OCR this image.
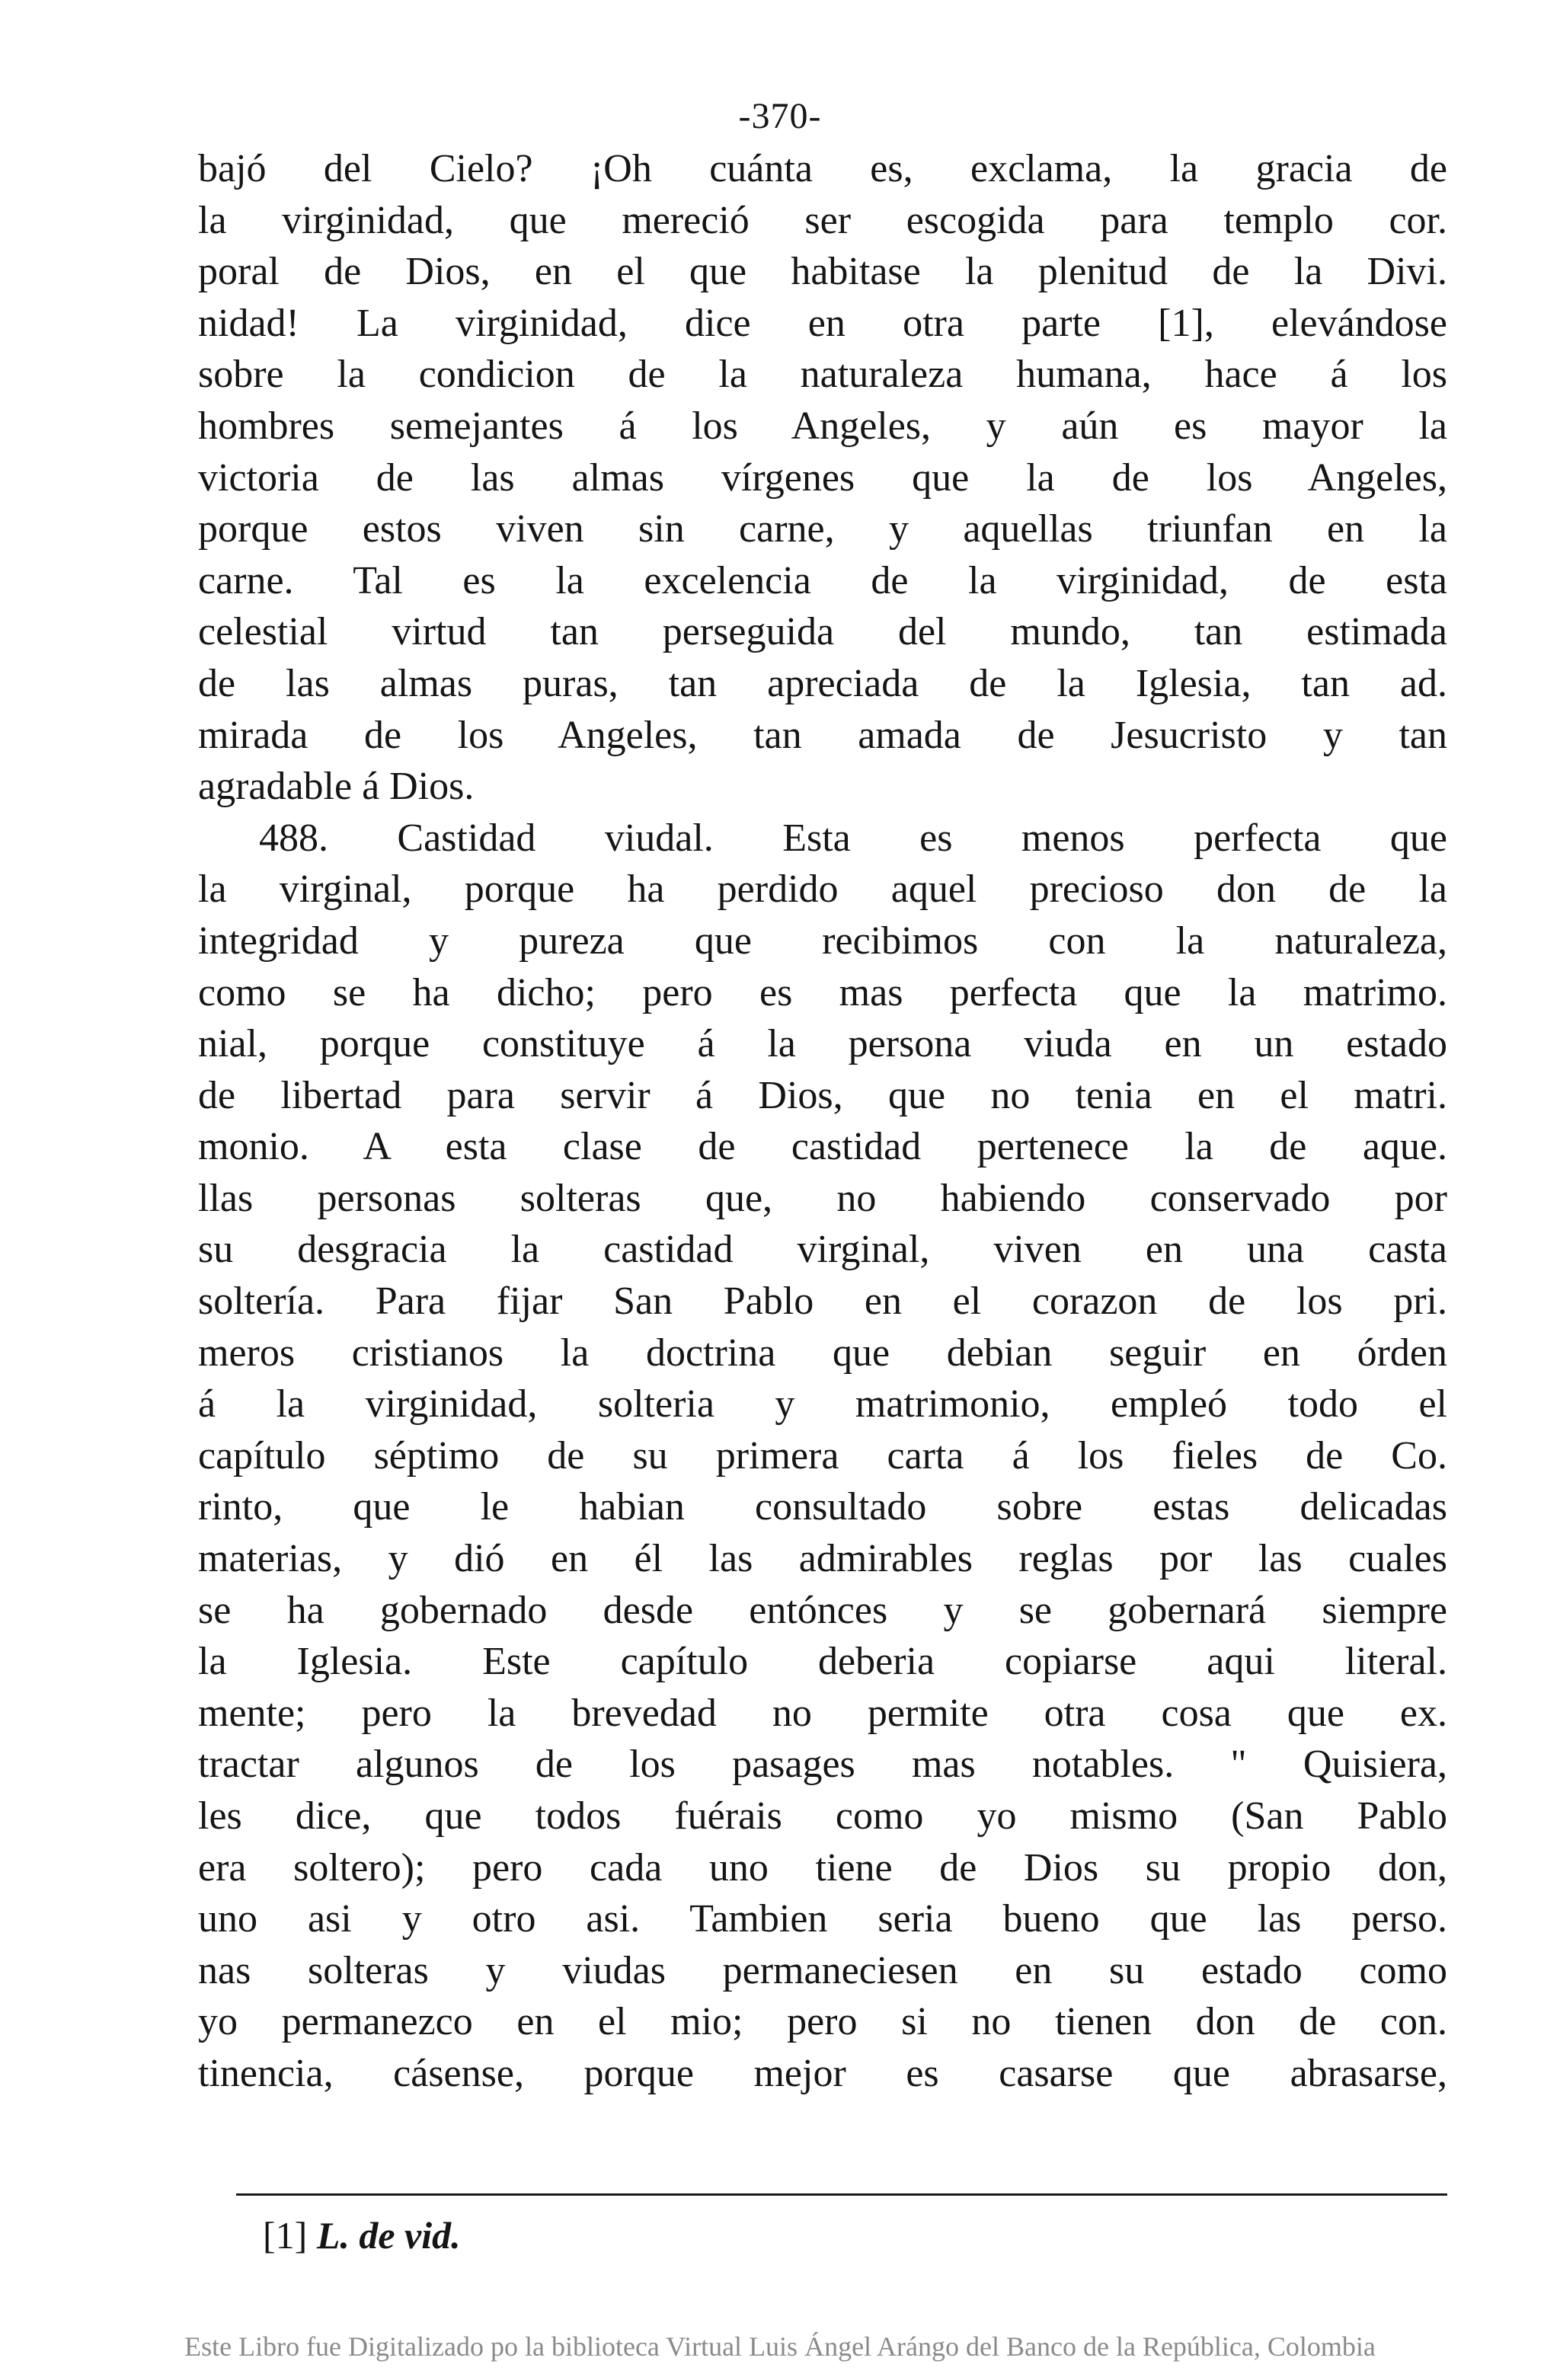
-370-
bajó del Cielo? ¡Oh cuánta es, exclama, la gracia de
la virginidad, que mereció ser escogida para templo cor.
poral de Dios, en el que habitase la plenitud de la Divi.
nidad! La virginidad, dice en otra parte [1], elevándose
sobre la condicion de la naturaleza humana, hace á los
hombres semejantes á los Angeles, y aún es mayor la
victoria de las almas vírgenes que la de los Angeles,
porque estos viven sin carne, y aquellas triunfan en la
carne. Tal es la excelencia de la virginidad, de esta
celestial virtud tan perseguida del mundo, tan estimada
de las almas puras, tan apreciada de la Iglesia, tan ad.
mirada de los Angeles, tan amada de Jesucristo y tan
agradable á Dios.
488. Castidad viudal. Esta es menos perfecta que
la virginal, porque ha perdido aquel precioso don de la
integridad y pureza que recibimos con la naturaleza,
como se ha dicho; pero es mas perfecta que la matrimo.
nial, porque constituye á la persona viuda en un estado
de libertad para servir á Dios, que no tenia en el matri.
monio. A esta clase de castidad pertenece la de aque.
llas personas solteras que, no habiendo conservado por
su desgracia la castidad virginal, viven en una casta
soltería. Para fijar San Pablo en el corazon de los pri.
meros cristianos la doctrina que debian seguir en órden
á la virginidad, solteria y matrimonio, empleó todo el
capítulo séptimo de su primera carta á los fieles de Co.
rinto, que le habian consultado sobre estas delicadas
materias, y dió en él las admirables reglas por las cuales
se ha gobernado desde entónces y se gobernará siempre
la Iglesia. Este capítulo deberia copiarse aqui literal.
mente; pero la brevedad no permite otra cosa que ex.
tractar algunos de los pasages mas notables. " Quisiera,
les dice, que todos fuérais como yo mismo (San Pablo
era soltero); pero cada uno tiene de Dios su propio don,
uno asi y otro asi. Tambien seria bueno que las perso.
nas solteras y viudas permaneciesen en su estado como
yo permanezco en el mio; pero si no tienen don de con.
tinencia, cásense, porque mejor es casarse que abrasarse,
[1] L. de vid.
Este Libro fue Digitalizado po la biblioteca Virtual Luis Ángel Arángo del Banco de la República, Colombia
